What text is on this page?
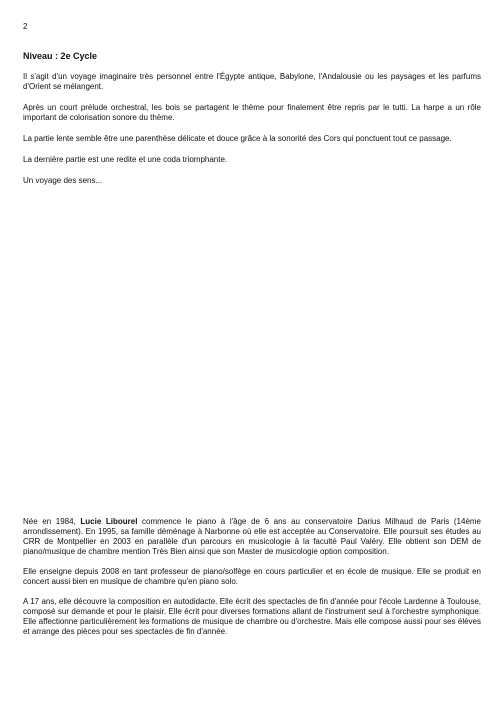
2

Niveau : 2e Cycle

Il s'agit d'un voyage imaginaire très personnel entre l'Égypte antique, Babylone, l'Andalousie ou les paysages et les parfums d'Orient se mélangent.

Après un court prélude orchestral, les bois se partagent le thème pour finalement être repris par le tutti. La harpe a un rôle important de colorisation sonore du thème.

La partie lente semble être une parenthèse délicate et douce grâce à la sonorité des Cors qui ponctuent tout ce passage.

La dernière partie est une redite et une coda triomphante.

Un voyage des sens...

Née en 1984, Lucie Libourel commence le piano à l'âge de 6 ans au conservatoire Darius Milhaud de Paris (14ème arrondissement). En 1995, sa famille déménage à Narbonne où elle est acceptée au Conservatoire. Elle poursuit ses études au CRR de Montpellier en 2003 en parallèle d'un parcours en musicologie à la faculté Paul Valéry. Elle obtient son DEM de piano/musique de chambre mention Très Bien ainsi que son Master de musicologie option composition.

Elle enseigne depuis 2008 en tant professeur de piano/solfège en cours particulier et en école de musique. Elle se produit en concert aussi bien en musique de chambre qu'en piano solo.

A 17 ans, elle découvre la composition en autodidacte. Elle écrit des spectacles de fin d'année pour l'école Lardenne à Toulouse, composé sur demande et pour le plaisir. Elle écrit pour diverses formations allant de l'instrument seul à l'orchestre symphonique. Elle affectionne particulièrement les formations de musique de chambre ou d'orchestre. Mais elle compose aussi pour ses élèves et arrange des pièces pour ses spectacles de fin d'année.
